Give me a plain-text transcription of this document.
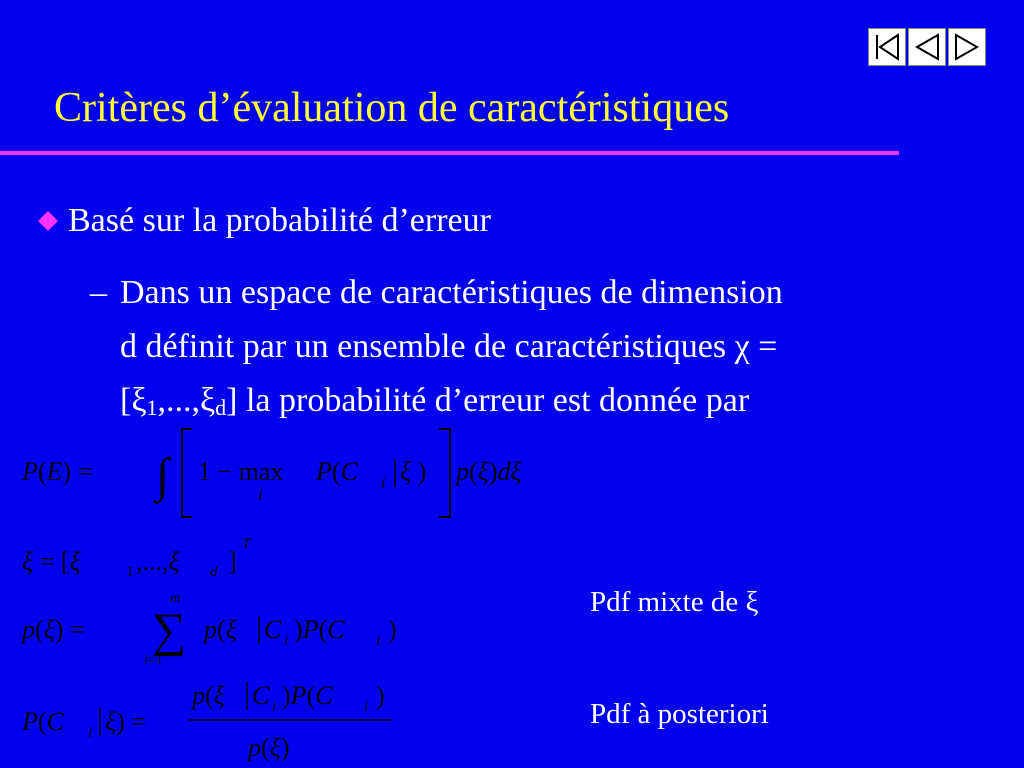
Critères d’évaluation de caractéristiques
Basé sur la probabilité d’erreur
– Dans un espace de caractéristiques de dimension
d définit par un ensemble de caractéristiques χ =
$[\xi_1,...,\xi_d]$ la probabilité d’erreur est donnée par
P(E) = ∫ 1 − max
i
P(C i ξ ) p(ξ)dξ
ξ = [ξ	1 ,...,ξ d ]
T
p(ξ) =
m
∑
i=1
p(ξ C i )P(C i )
p(ξ C i )P(C i )
P(C i ξ) =
p(ξ)
Pdf mixte de ξ
Pdf à posteriori
